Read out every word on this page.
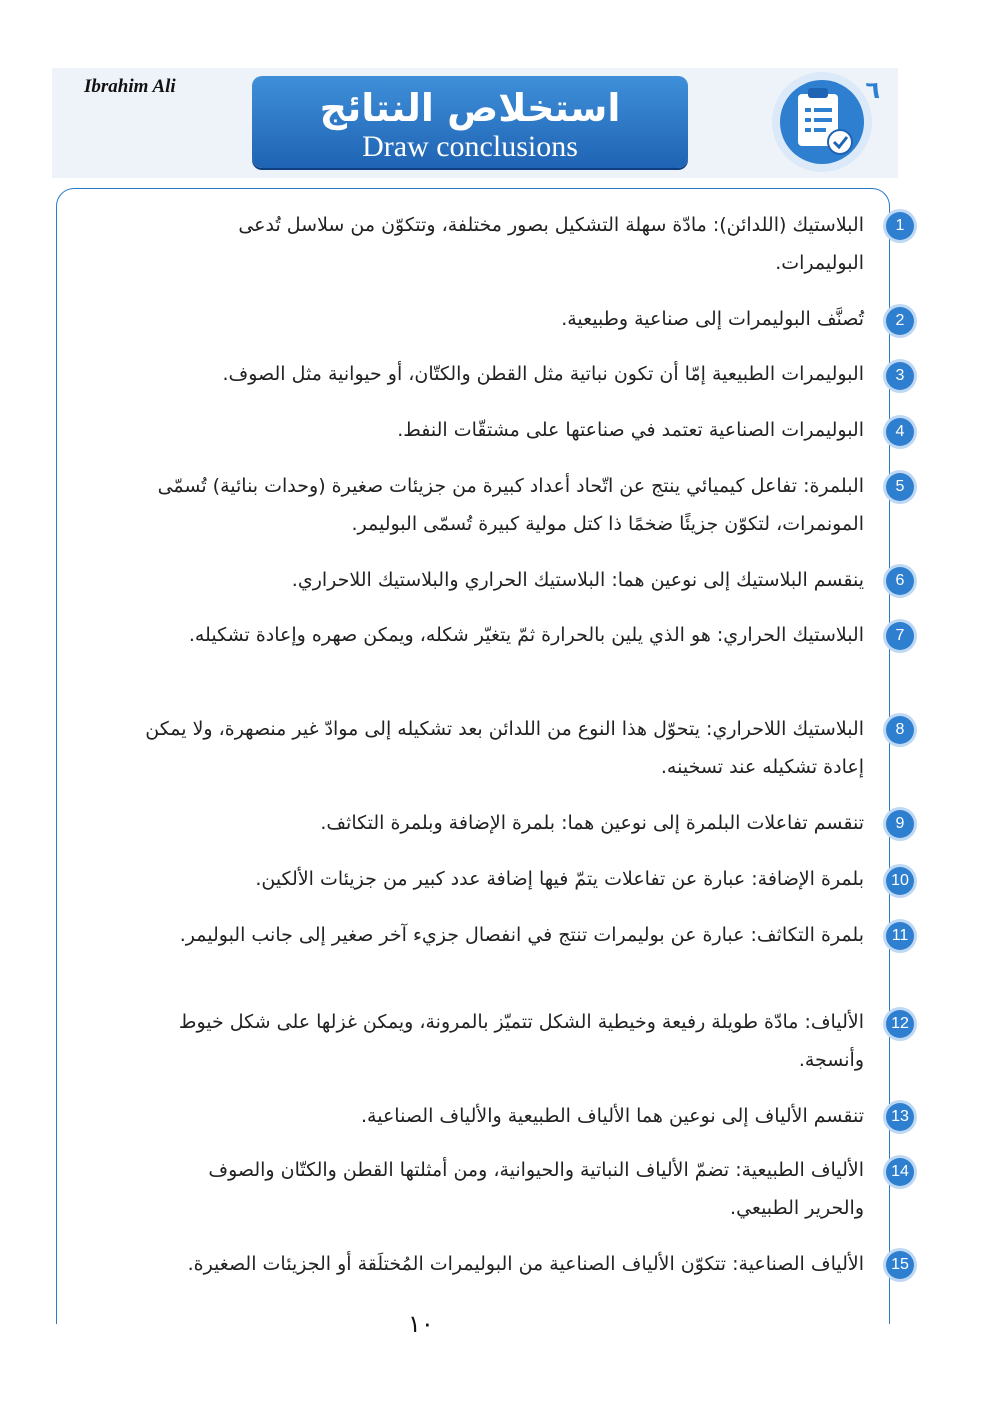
Ibrahim Ali	استخلاص النتائج
Draw conclusions
٦
1
البلاستيك (اللدائن): مادّة سهلة التشكيل بصور مختلفة، وتتكوّن من سلاسل تُدعى البوليمرات.
2
تُصنَّف البوليمرات إلى صناعية وطبيعية.
3
البوليمرات الطبيعية إمّا أن تكون نباتية مثل القطن والكتّان، أو حيوانية مثل الصوف.
4
البوليمرات الصناعية تعتمد في صناعتها على مشتقّات النفط.
5
البلمرة: تفاعل كيميائي ينتج عن اتّحاد أعداد كبيرة من جزيئات صغيرة (وحدات بنائية) تُسمّى المونمرات، لتكوّن جزيئًا ضخمًا ذا كتل مولية كبيرة تُسمّى البوليمر.
6
ينقسم البلاستيك إلى نوعين هما: البلاستيك الحراري والبلاستيك اللاحراري.
7
البلاستيك الحراري: هو الذي يلين بالحرارة ثمّ يتغيّر شكله، ويمكن صهره وإعادة تشكيله.
8
البلاستيك اللاحراري: يتحوّل هذا النوع من اللدائن بعد تشكيله إلى موادّ غير منصهرة، ولا يمكن إعادة تشكيله عند تسخينه.
9
تنقسم تفاعلات البلمرة إلى نوعين هما: بلمرة الإضافة وبلمرة التكاثف.
10
بلمرة الإضافة: عبارة عن تفاعلات يتمّ فيها إضافة عدد كبير من جزيئات الألكين.
11
بلمرة التكاثف: عبارة عن بوليمرات تنتج في انفصال جزيء آخر صغير إلى جانب البوليمر.
12
الألياف: مادّة طويلة رفيعة وخيطية الشكل تتميّز بالمرونة، ويمكن غزلها على شكل خيوط وأنسجة.
13
تنقسم الألياف إلى نوعين هما الألياف الطبيعية والألياف الصناعية.
14
الألياف الطبيعية: تضمّ الألياف النباتية والحيوانية، ومن أمثلتها القطن والكتّان والصوف والحرير الطبيعي.
15
الألياف الصناعية: تتكوّن الألياف الصناعية من البوليمرات المُختلَقة أو الجزيئات الصغيرة.
١٠
